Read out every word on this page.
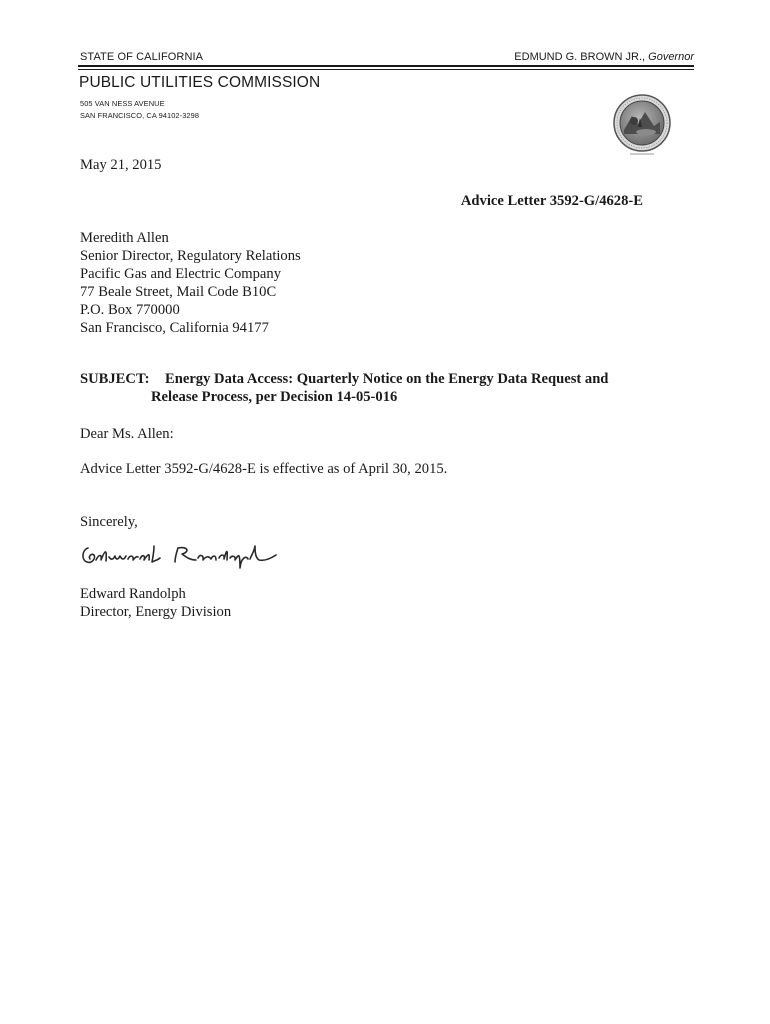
STATE OF CALIFORNIA	EDMUND G. BROWN JR., Governor
PUBLIC UTILITIES COMMISSION
505 VAN NESS AVENUE
SAN FRANCISCO, CA 94102-3298
May 21, 2015
Advice Letter 3592-G/4628-E
Meredith Allen
Senior Director, Regulatory Relations
Pacific Gas and Electric Company
77 Beale Street, Mail Code B10C
P.O. Box 770000
San Francisco, California 94177
SUBJECT: Energy Data Access: Quarterly Notice on the Energy Data Request and
Release Process, per Decision 14-05-016
Dear Ms. Allen:
Advice Letter 3592-G/4628-E is effective as of April 30, 2015.
Sincerely,
Edward Randolph
Director, Energy Division
